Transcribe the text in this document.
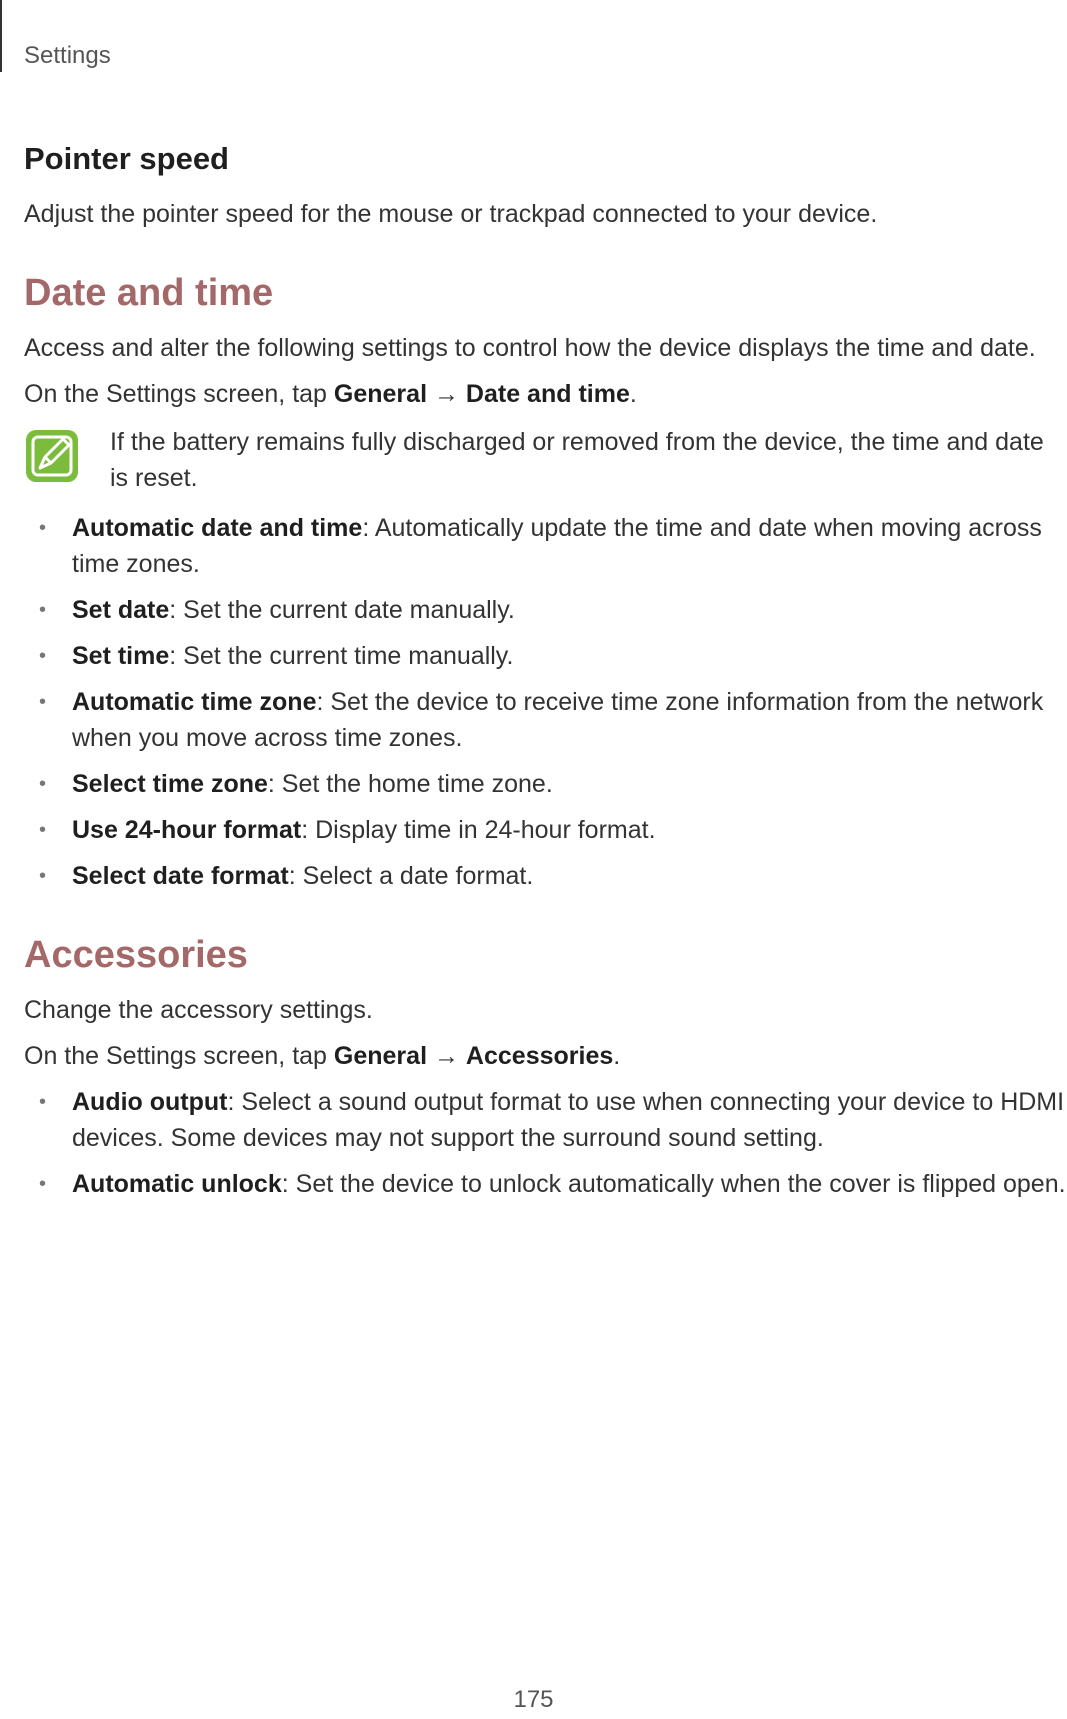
Settings
Pointer speed

Adjust the pointer speed for the mouse or trackpad connected to your device.

Date and time

Access and alter the following settings to control how the device displays the time and date.

On the Settings screen, tap General → Date and time.

If the battery remains fully discharged or removed from the device, the time and date is reset.
• Automatic date and time: Automatically update the time and date when moving across time zones.
• Set date: Set the current date manually.
• Set time: Set the current time manually.
• Automatic time zone: Set the device to receive time zone information from the network when you move across time zones.
• Select time zone: Set the home time zone.
• Use 24-hour format: Display time in 24-hour format.
• Select date format: Select a date format.
Accessories

Change the accessory settings.

On the Settings screen, tap General → Accessories.

• Audio output: Select a sound output format to use when connecting your device to HDMI devices. Some devices may not support the surround sound setting.
• Automatic unlock: Set the device to unlock automatically when the cover is flipped open.
175
